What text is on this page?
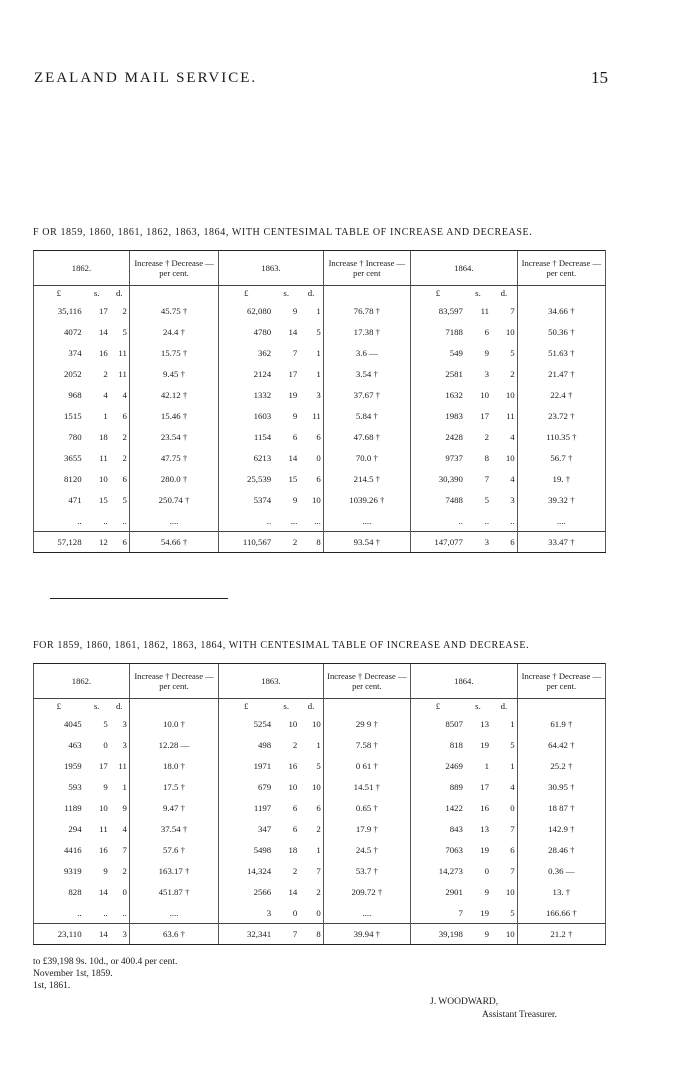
ZEALAND MAIL SERVICE.	15
F OR 1859, 1860, 1861, 1862, 1863, 1864, WITH CENTESIMAL TABLE OF INCREASE AND DECREASE.
1862.			Increase † Decrease — per cent.	1863.			Increase † Increase — per cent	1864.			Increase † Decrease — per cent.
£	s.	d.		£	s.	d.		£	s.	d.	
35,116	17	2	45.75 †	62,080	9	1	76.78 †	83,597	11	7	34.66 †
4072	14	5	24.4 †	4780	14	5	17.38 †	7188	6	10	50.36 †
374	16	11	15.75 †	362	7	1	3.6 —	549	9	5	51.63 †
2052	2	11	9.45 †	2124	17	1	3.54 †	2581	3	2	21.47 †
968	4	4	42.12 †	1332	19	3	37.67 †	1632	10	10	22.4 †
1515	1	6	15.46 †	1603	9	11	5.84 †	1983	17	11	23.72 †
780	18	2	23.54 †	1154	6	6	47.68 †	2428	2	4	110.35 †
3655	11	2	47.75 †	6213	14	0	70.0 †	9737	8	10	56.7 †
8120	10	6	280.0 †	25,539	15	6	214.5 †	30,390	7	4	19. †
471	15	5	250.74 †	5374	9	10	1039.26 †	7488	5	3	39.32 †
..	..	..	....	..	...	...	....	..	..	..	....
57,128	12	6	54.66 †	110,567	2	8	93.54 †	147,077	3	6	33.47 †
FOR 1859, 1860, 1861, 1862, 1863, 1864, WITH CENTESIMAL TABLE OF INCREASE AND DECREASE.
1862.			Increase † Decrease — per cent.	1863.			Increase † Decrease — per cent.	1864.			Increase † Decrease — per cent.
£	s.	d.		£	s.	d.		£	s.	d.	
4045	5	3	10.0 †	5254	10	10	29 9 †	8507	13	1	61.9 †
463	0	3	12.28 —	498	2	1	7.58 †	818	19	5	64.42 †
1959	17	11	18.0 †	1971	16	5	0 61 †	2469	1	1	25.2 †
593	9	1	17.5 †	679	10	10	14.51 †	889	17	4	30.95 †
1189	10	9	9.47 †	1197	6	6	0.65 †	1422	16	0	18 87 †
294	11	4	37.54 †	347	6	2	17.9 †	843	13	7	142.9 †
4416	16	7	57.6 †	5498	18	1	24.5 †	7063	19	6	28.46 †
9319	9	2	163.17 †	14,324	2	7	53.7 †	14,273	0	7	0.36 —
828	14	0	451.87 †	2566	14	2	209.72 †	2901	9	10	13. †
..	..	..	....	3	0	0	....	7	19	5	166.66 †
23,110	14	3	63.6 †	32,341	7	8	39.94 †	39,198	9	10	21.2 †
to £39,198 9s. 10d., or 400.4 per cent.
November 1st, 1859.
1st, 1861.
J. WOODWARD,
Assistant Treasurer.
